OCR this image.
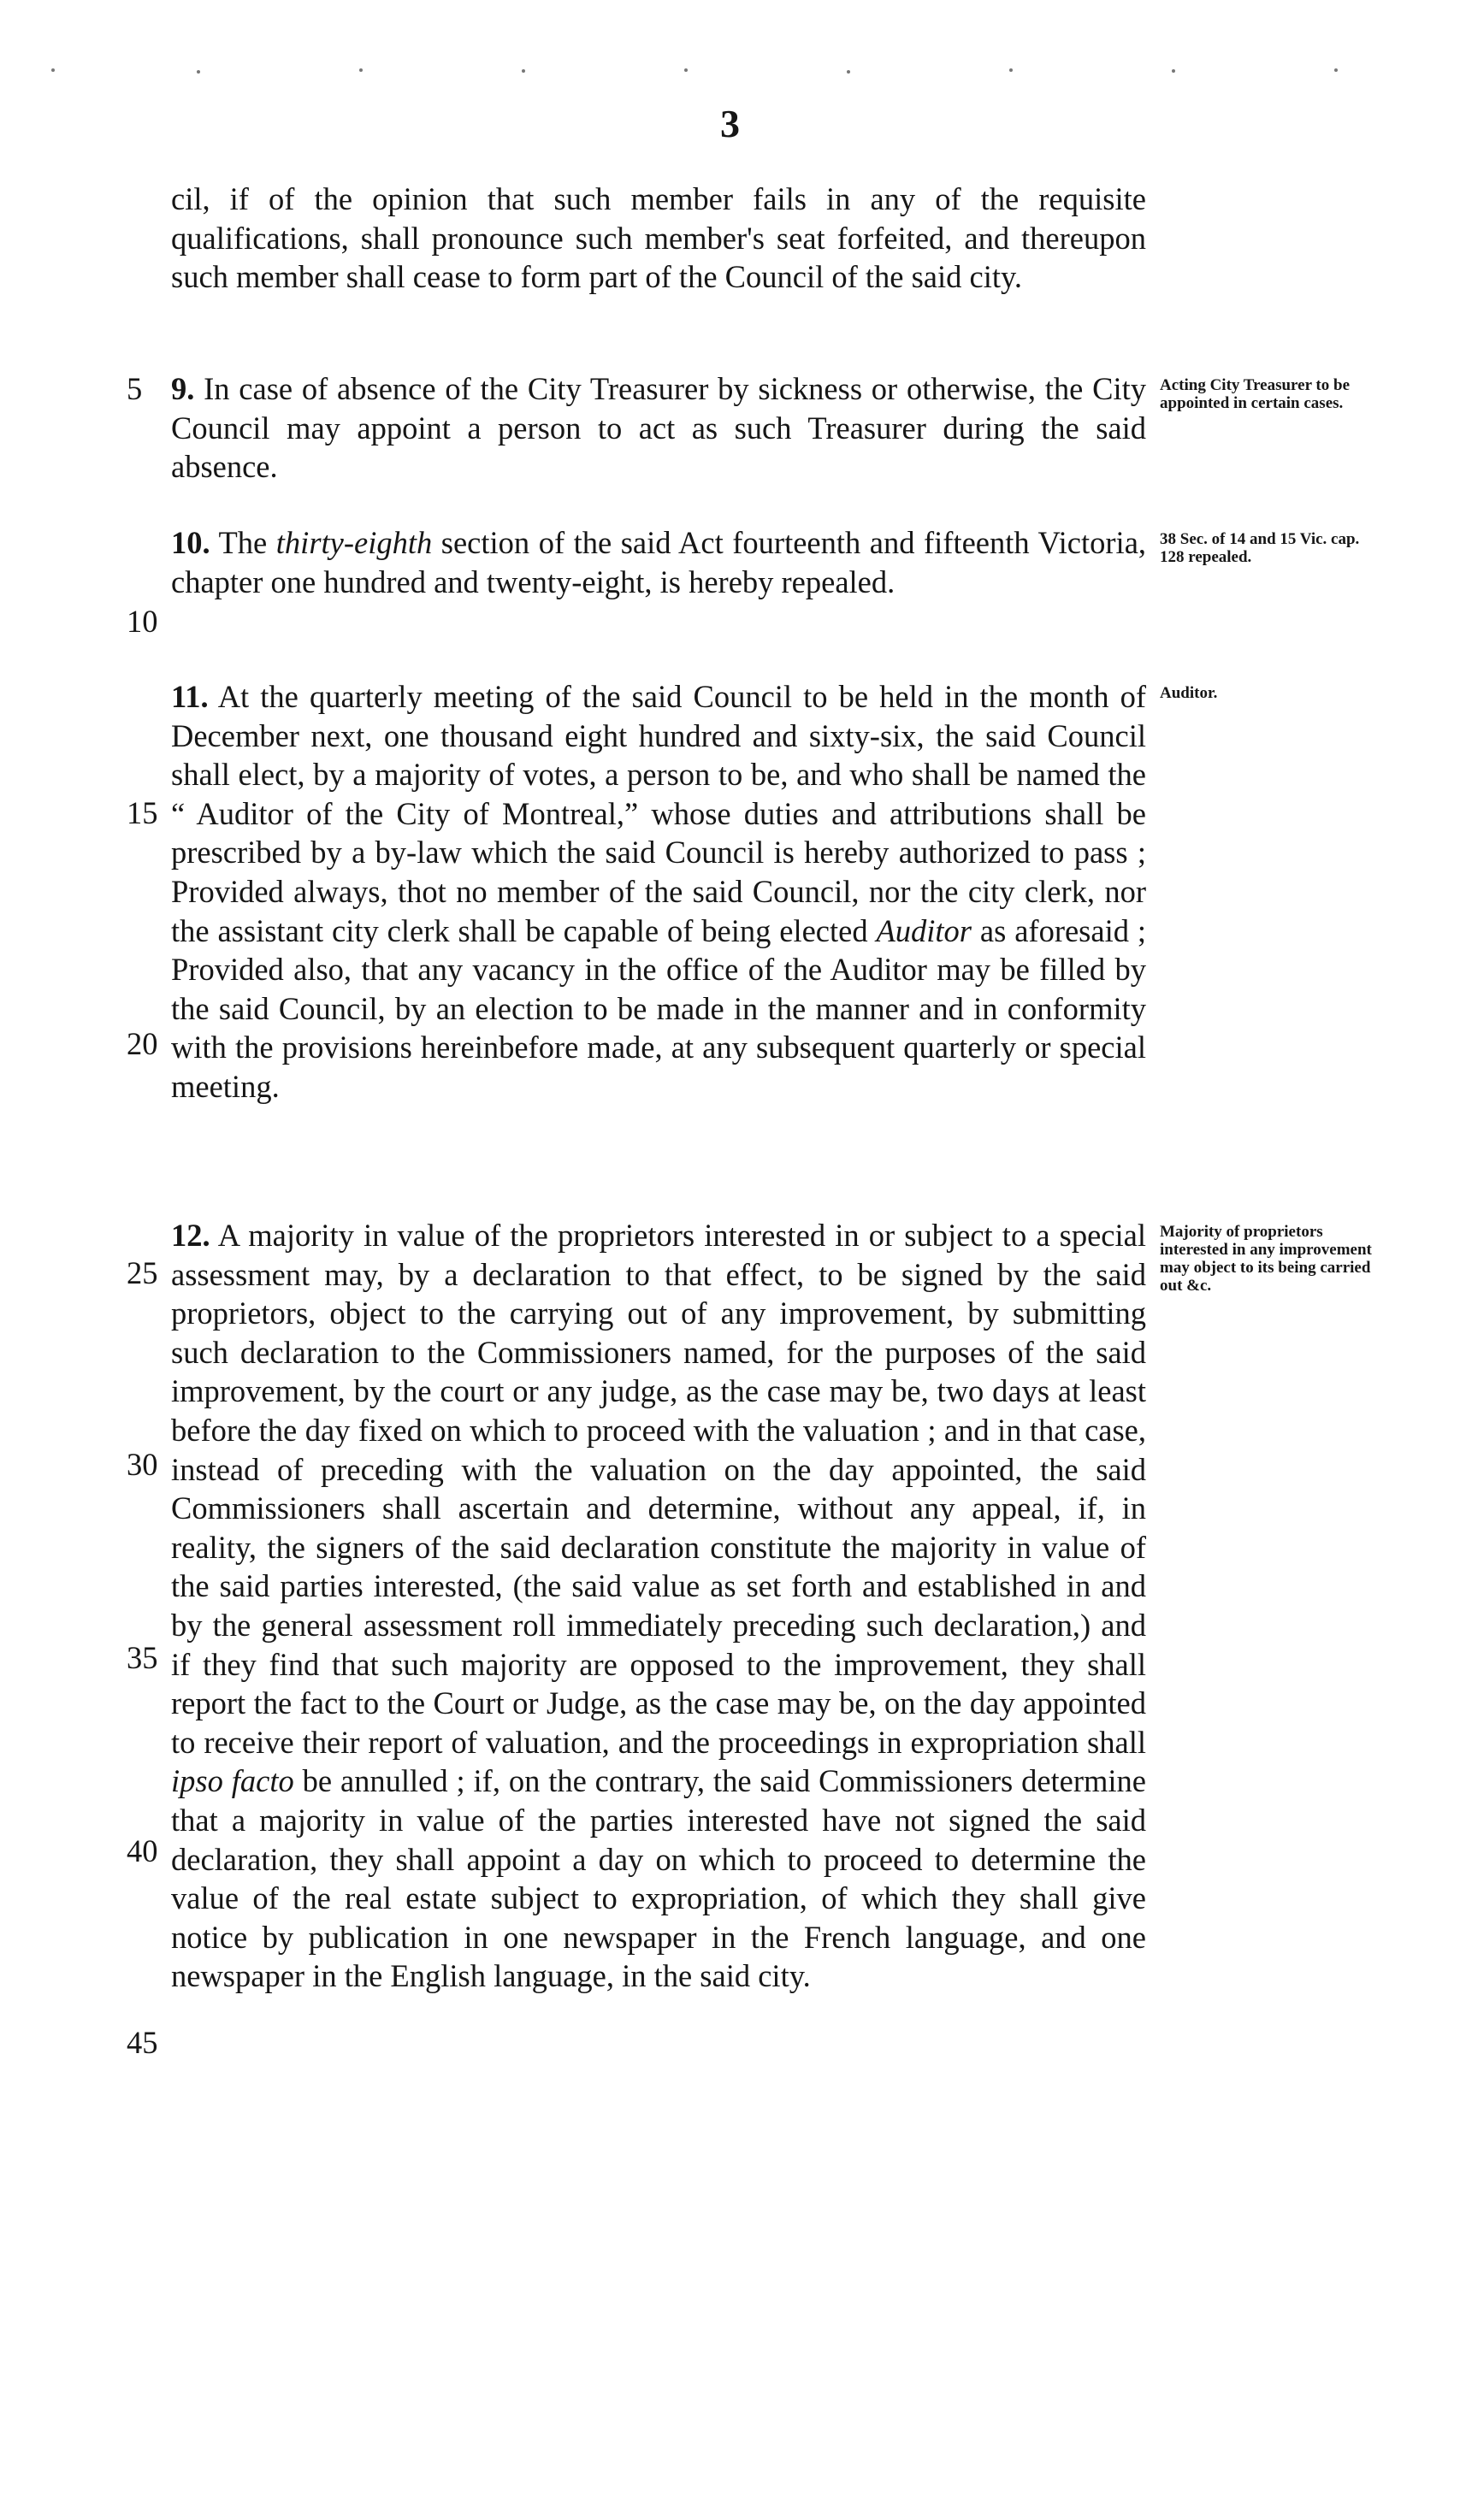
3

cil, if of the opinion that such member fails in any of the requisite qualifications, shall pronounce such member's seat forfeited, and thereupon such member shall cease to form part of the Council of the said city.

9. In case of absence of the City Treasurer by sickness or otherwise, the City Council may appoint a person to act as such Treasurer during the said absence.

10. The thirty-eighth section of the said Act fourteenth and fifteenth Victoria, chapter one hundred and twenty-eight, is hereby repealed.

11. At the quarterly meeting of the said Council to be held in the month of December next, one thousand eight hundred and sixty-six, the said Council shall elect, by a majority of votes, a person to be, and who shall be named the “ Auditor of the City of Montreal,” whose duties and attributions shall be prescribed by a by-law which the said Council is hereby authorized to pass ; Provided always, thot no member of the said Council, nor the city clerk, nor the assistant city clerk shall be capable of being elected Auditor as aforesaid ; Provided also, that any vacancy in the office of the Auditor may be filled by the said Council, by an election to be made in the manner and in conformity with the provisions hereinbefore made, at any subsequent quarterly or special meeting.

12. A majority in value of the proprietors interested in or subject to a special assessment may, by a declaration to that effect, to be signed by the said proprietors, object to the carrying out of any improvement, by submitting such declaration to the Commissioners named, for the purposes of the said improvement, by the court or any judge, as the case may be, two days at least before the day fixed on which to proceed with the valuation ; and in that case, instead of preceding with the valuation on the day appointed, the said Commissioners shall ascertain and determine, without any appeal, if, in reality, the signers of the said declaration constitute the majority in value of the said parties interested, (the said value as set forth and established in and by the general assessment roll immediately preceding such declaration,) and if they find that such majority are opposed to the improvement, they shall report the fact to the Court or Judge, as the case may be, on the day appointed to receive their report of valuation, and the proceedings in expropriation shall ipso facto be annulled ; if, on the contrary, the said Commissioners determine that a majority in value of the parties interested have not signed the said declaration, they shall appoint a day on which to proceed to determine the value of the real estate subject to expropriation, of which they shall give notice by publication in one newspaper in the French language, and one newspaper in the English language, in the said city.

5
10
15
20
25
30
35
40
45

Acting City Treasurer to be appointed in certain cases.

38 Sec. of 14 and 15 Vic. cap. 128 repealed.

Auditor.

Majority of proprietors interested in any improvement may object to its being carried out &c.
